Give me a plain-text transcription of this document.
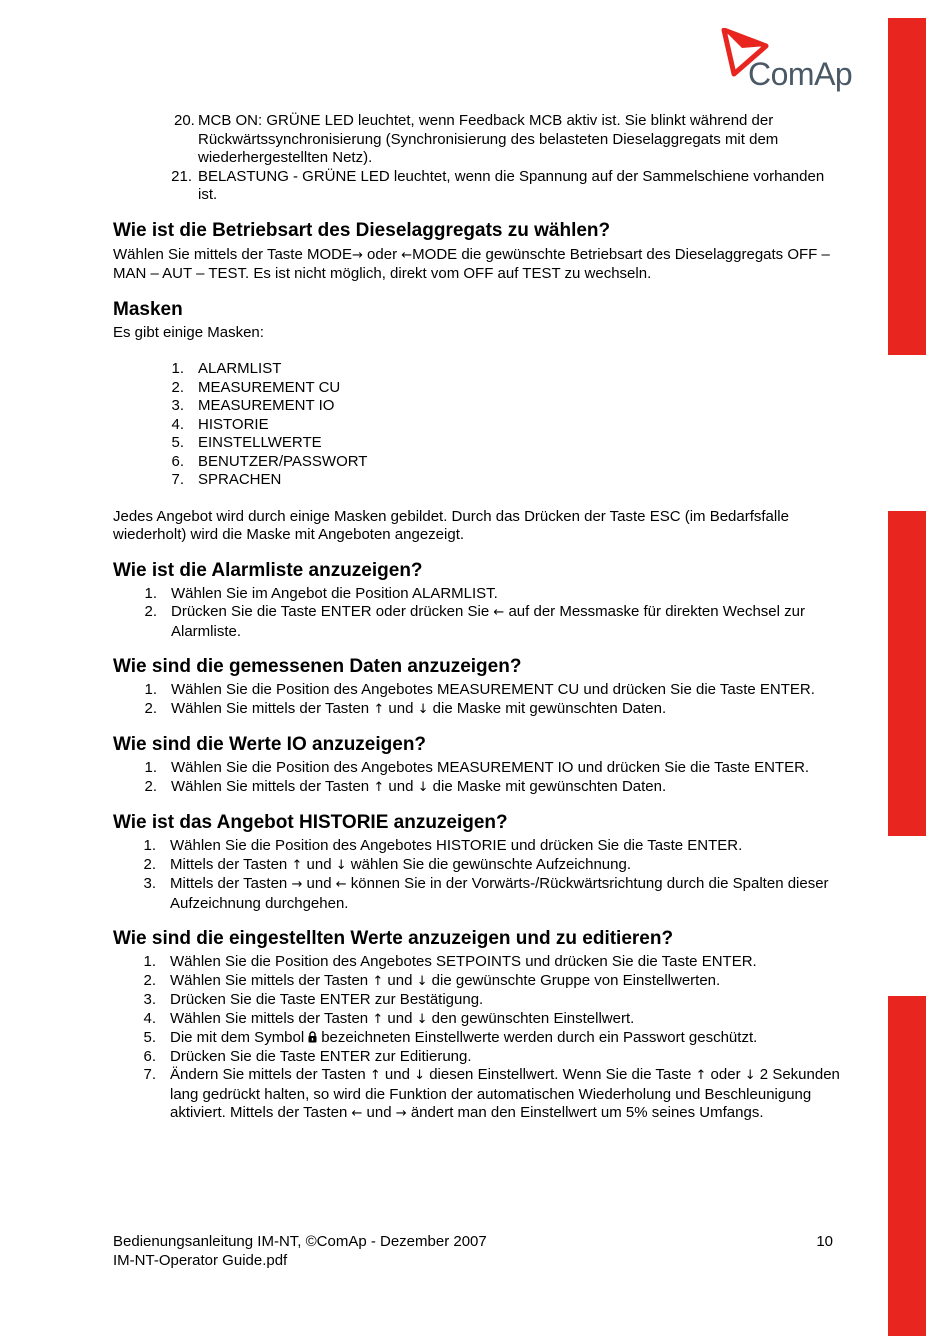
ComAp
20. MCB ON: GRÜNE LED leuchtet, wenn Feedback MCB aktiv ist. Sie blinkt während der Rückwärtssynchronisierung (Synchronisierung des belasteten Dieselaggregats mit dem wiederhergestellten Netz).
21. BELASTUNG - GRÜNE LED leuchtet, wenn die Spannung auf der Sammelschiene vorhanden ist.
Wie ist die Betriebsart des Dieselaggregats zu wählen?

Wählen Sie mittels der Taste MODE→ oder ←MODE die gewünschte Betriebsart des Dieselaggregats OFF – MAN – AUT – TEST. Es ist nicht möglich, direkt vom OFF auf TEST zu wechseln.

Masken

Es gibt einige Masken:

1. ALARMLIST
2. MEASUREMENT CU
3. MEASUREMENT IO
4. HISTORIE
5. EINSTELLWERTE
6. BENUTZER/PASSWORT
7. SPRACHEN

Jedes Angebot wird durch einige Masken gebildet. Durch das Drücken der Taste ESC (im Bedarfsfalle wiederholt) wird die Maske mit Angeboten angezeigt.

Wie ist die Alarmliste anzuzeigen?
1. Wählen Sie im Angebot die Position ALARMLIST.
2. Drücken Sie die Taste ENTER oder drücken Sie ← auf der Messmaske für direkten Wechsel zur Alarmliste.
Wie sind die gemessenen Daten anzuzeigen?
1. Wählen Sie die Position des Angebotes MEASUREMENT CU und drücken Sie die Taste ENTER.
2. Wählen Sie mittels der Tasten ↑ und ↓ die Maske mit gewünschten Daten.
Wie sind die Werte IO anzuzeigen?
1. Wählen Sie die Position des Angebotes MEASUREMENT IO und drücken Sie die Taste ENTER.
2. Wählen Sie mittels der Tasten ↑ und ↓ die Maske mit gewünschten Daten.
Wie ist das Angebot HISTORIE anzuzeigen?
1. Wählen Sie die Position des Angebotes HISTORIE und drücken Sie die Taste ENTER.
2. Mittels der Tasten ↑ und ↓ wählen Sie die gewünschte Aufzeichnung.
3. Mittels der Tasten → und ← können Sie in der Vorwärts-/Rückwärtsrichtung durch die Spalten dieser Aufzeichnung durchgehen.
Wie sind die eingestellten Werte anzuzeigen und zu editieren?
1. Wählen Sie die Position des Angebotes SETPOINTS und drücken Sie die Taste ENTER.
2. Wählen Sie mittels der Tasten ↑ und ↓ die gewünschte Gruppe von Einstellwerten.
3. Drücken Sie die Taste ENTER zur Bestätigung.
4. Wählen Sie mittels der Tasten ↑ und ↓ den gewünschten Einstellwert.
5. Die mit dem Symbol bezeichneten Einstellwerte werden durch ein Passwort geschützt.
6. Drücken Sie die Taste ENTER zur Editierung.
7. Ändern Sie mittels der Tasten ↑ und ↓ diesen Einstellwert. Wenn Sie die Taste ↑ oder ↓ 2 Sekunden lang gedrückt halten, so wird die Funktion der automatischen Wiederholung und Beschleunigung aktiviert. Mittels der Tasten ← und → ändert man den Einstellwert um 5% seines Umfangs.
Bedienungsanleitung IM-NT, ©ComAp - Dezember 2007
IM-NT-Operator Guide.pdf
10
